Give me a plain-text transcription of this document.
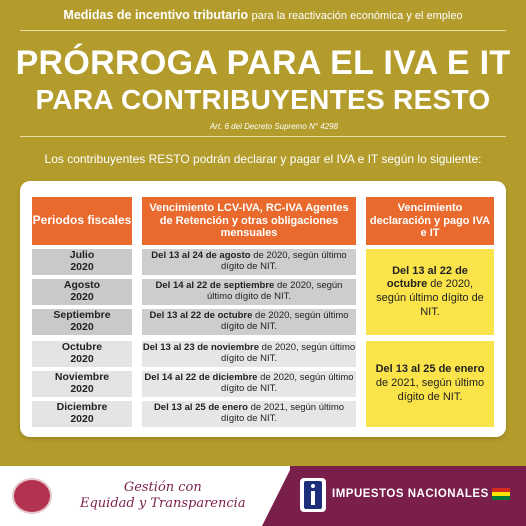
Medidas de incentivo tributario para la reactivación económica y el empleo
PRÓRROGA PARA EL IVA E IT
PARA CONTRIBUYENTES RESTO
Art. 6 del Decreto Supremo N° 4298
Los contribuyentes RESTO podrán declarar y pagar el IVA e IT según lo siguiente:
Periodos fiscales
Vencimiento LCV-IVA, RC-IVA Agentes de Retención y otras obligaciones mensuales
Vencimiento declaración y pago IVA e IT
Julio
2020
Del 13 al 24 de agosto de 2020, según último dígito de NIT.
Agosto
2020
Del 14 al 22 de septiembre de 2020, según último dígito de NIT.
Septiembre
2020
Del 13 al 22 de octubre de 2020, según último dígito de NIT.
Octubre
2020
Del 13 al 23 de noviembre de 2020, según último dígito de NIT.
Noviembre
2020
Del 14 al 22 de diciembre de 2020, según último dígito de NIT.
Diciembre
2020
Del 13 al 25 de enero de 2021, según último dígito de NIT.
Del 13 al 22 de octubre de 2020, según último dígito de NIT.
Del 13 al 25 de enero de 2021, según último dígito de NIT.
Gestión con
Equidad y Transparencia
IMPUESTOS NACIONALES
